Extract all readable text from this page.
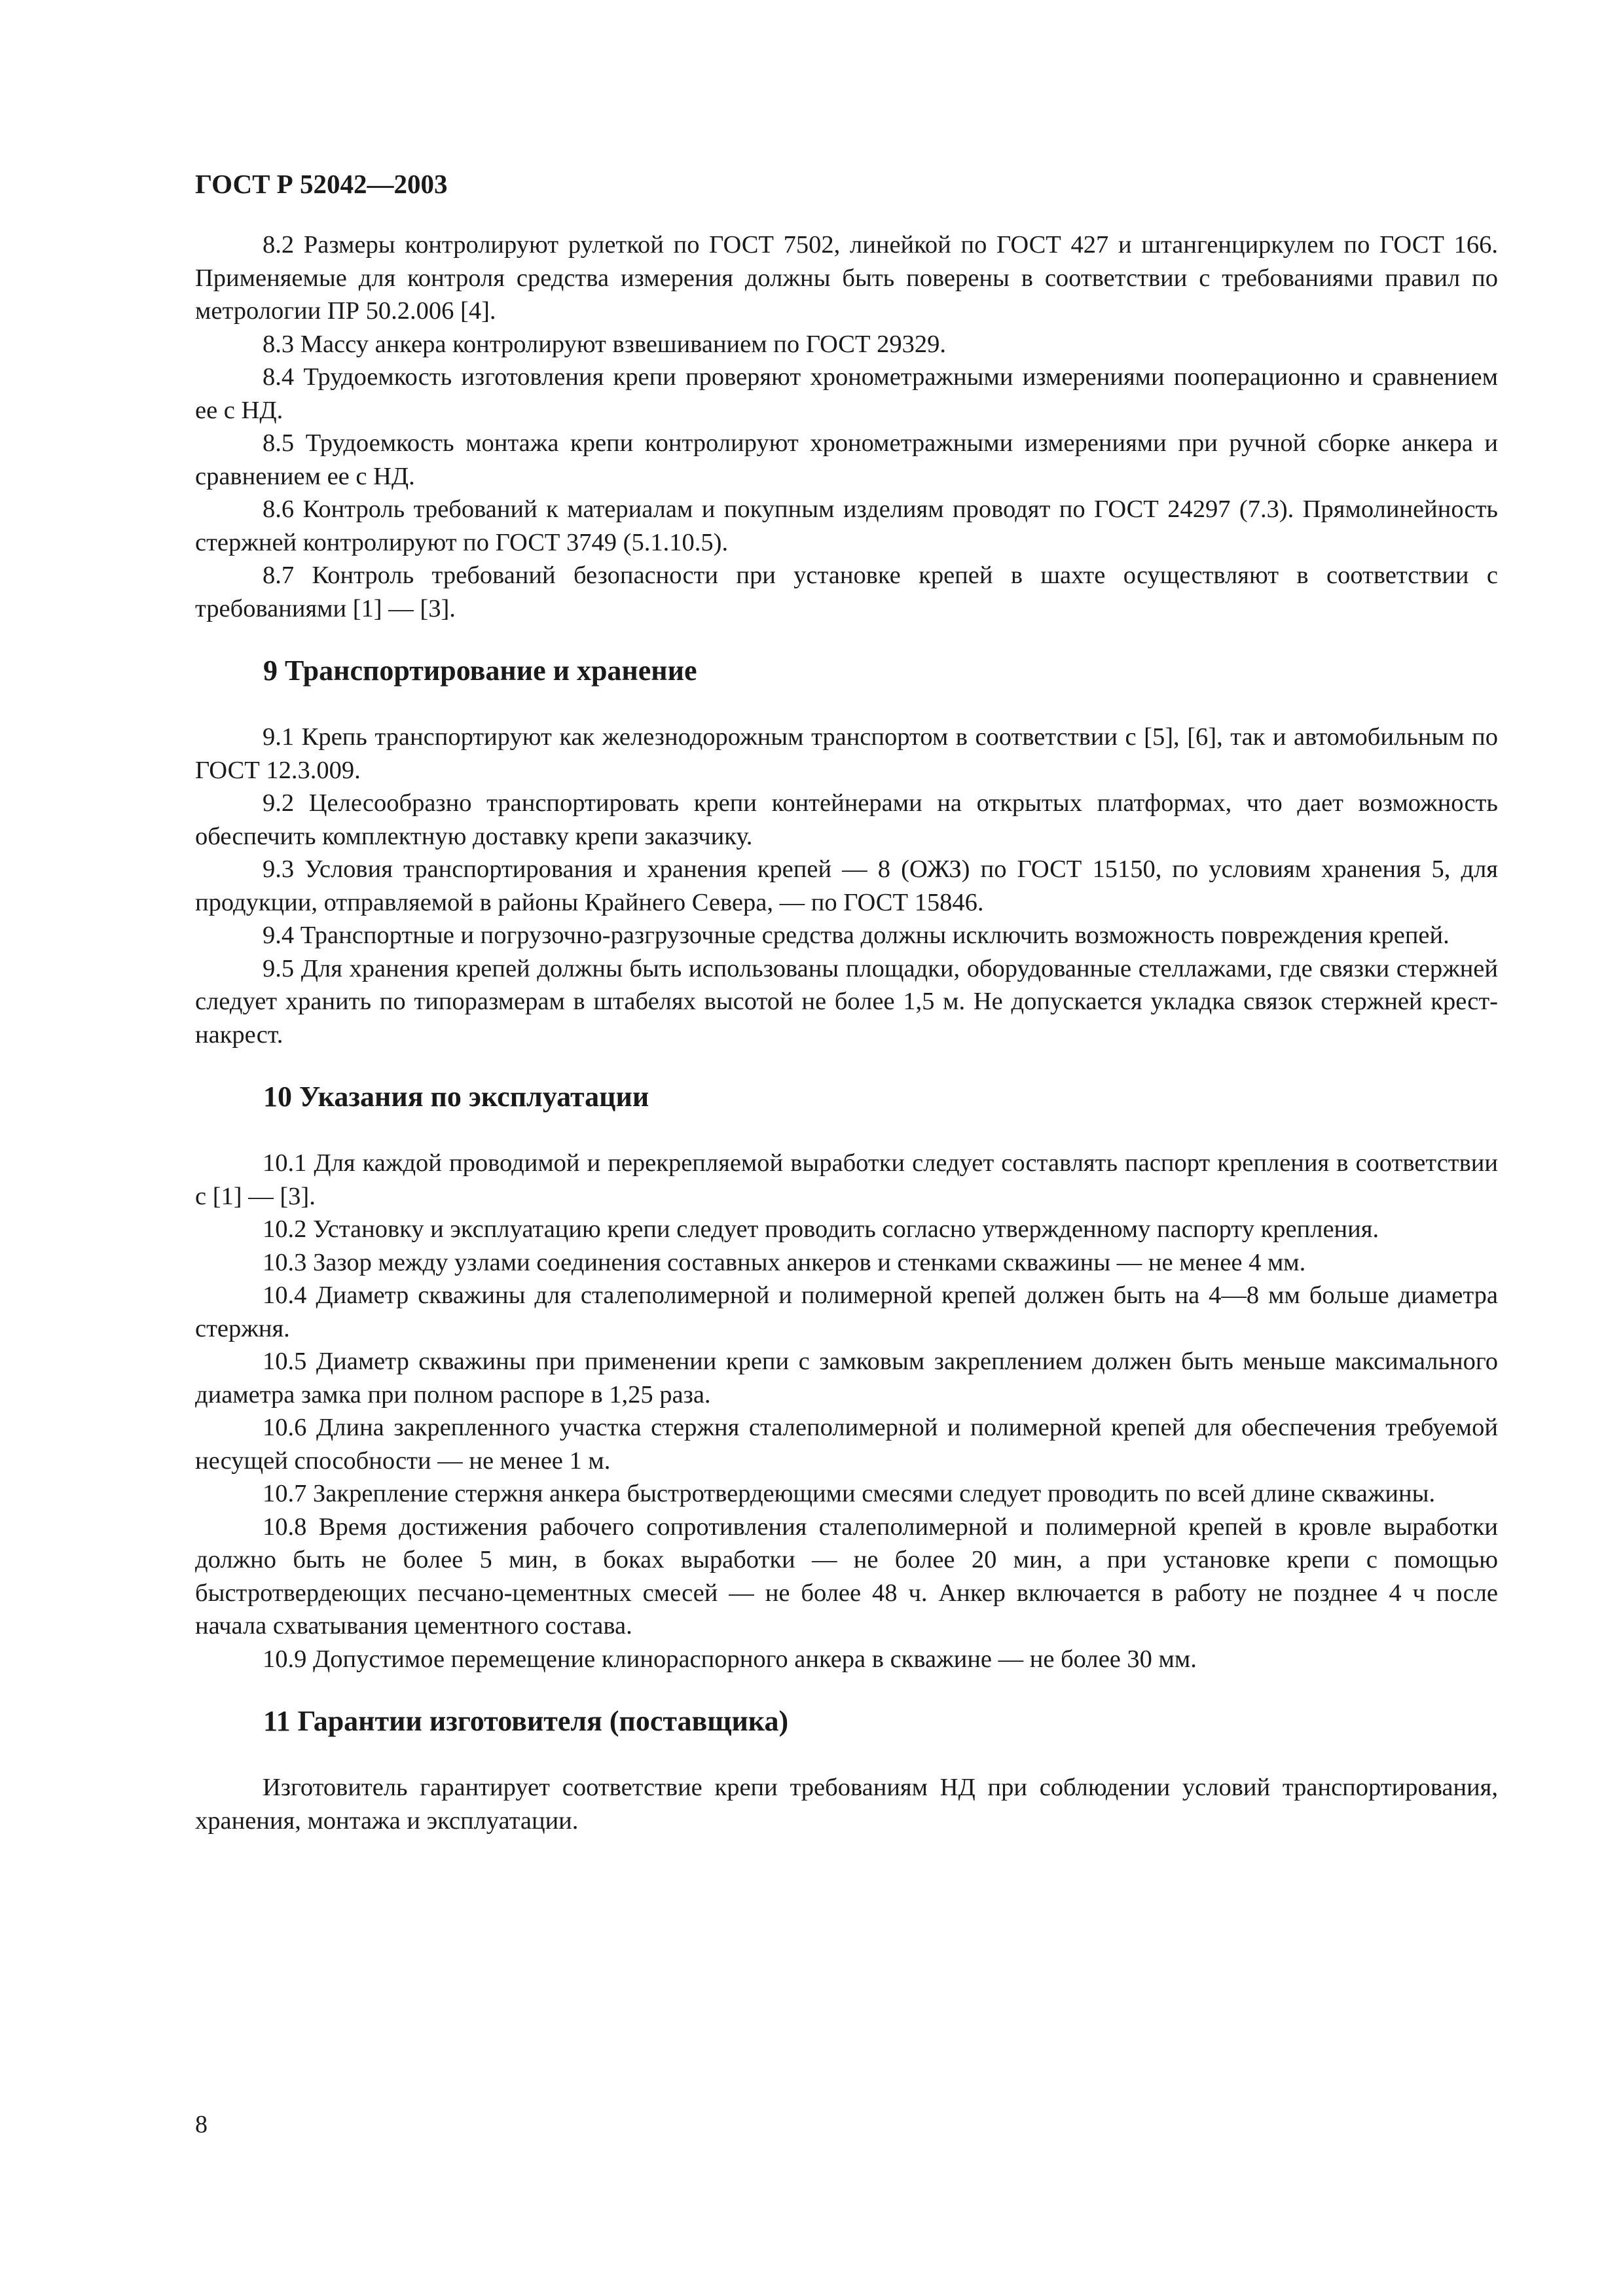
ГОСТ Р 52042—2003

8.2 Размеры контролируют рулеткой по ГОСТ 7502, линейкой по ГОСТ 427 и штангенциркулем по ГОСТ 166. Применяемые для контроля средства измерения должны быть поверены в соответствии с требованиями правил по метрологии ПР 50.2.006 [4].

8.3 Массу анкера контролируют взвешиванием по ГОСТ 29329.

8.4 Трудоемкость изготовления крепи проверяют хронометражными измерениями пооперационно и сравнением ее с НД.

8.5 Трудоемкость монтажа крепи контролируют хронометражными измерениями при ручной сборке анкера и сравнением ее с НД.

8.6 Контроль требований к материалам и покупным изделиям проводят по ГОСТ 24297 (7.3). Прямолинейность стержней контролируют по ГОСТ 3749 (5.1.10.5).

8.7 Контроль требований безопасности при установке крепей в шахте осуществляют в соответствии с требованиями [1] — [3].

9 Транспортирование и хранение

9.1 Крепь транспортируют как железнодорожным транспортом в соответствии с [5], [6], так и автомобильным по ГОСТ 12.3.009.

9.2 Целесообразно транспортировать крепи контейнерами на открытых платформах, что дает возможность обеспечить комплектную доставку крепи заказчику.

9.3 Условия транспортирования и хранения крепей — 8 (ОЖЗ) по ГОСТ 15150, по условиям хранения 5, для продукции, отправляемой в районы Крайнего Севера, — по ГОСТ 15846.

9.4 Транспортные и погрузочно-разгрузочные средства должны исключить возможность повреждения крепей.

9.5 Для хранения крепей должны быть использованы площадки, оборудованные стеллажами, где связки стержней следует хранить по типоразмерам в штабелях высотой не более 1,5 м. Не допускается укладка связок стержней крест-накрест.

10 Указания по эксплуатации

10.1 Для каждой проводимой и перекрепляемой выработки следует составлять паспорт крепления в соответствии с [1] — [3].

10.2 Установку и эксплуатацию крепи следует проводить согласно утвержденному паспорту крепления.

10.3 Зазор между узлами соединения составных анкеров и стенками скважины — не менее 4 мм.

10.4 Диаметр скважины для сталеполимерной и полимерной крепей должен быть на 4—8 мм больше диаметра стержня.

10.5 Диаметр скважины при применении крепи с замковым закреплением должен быть меньше максимального диаметра замка при полном распоре в 1,25 раза.

10.6 Длина закрепленного участка стержня сталеполимерной и полимерной крепей для обеспечения требуемой несущей способности — не менее 1 м.

10.7 Закрепление стержня анкера быстротвердеющими смесями следует проводить по всей длине скважины.

10.8 Время достижения рабочего сопротивления сталеполимерной и полимерной крепей в кровле выработки должно быть не более 5 мин, в боках выработки — не более 20 мин, а при установке крепи с помощью быстротвердеющих песчано-цементных смесей — не более 48 ч. Анкер включается в работу не позднее 4 ч после начала схватывания цементного состава.

10.9 Допустимое перемещение клинораспорного анкера в скважине — не более 30 мм.

11 Гарантии изготовителя (поставщика)

Изготовитель гарантирует соответствие крепи требованиям НД при соблюдении условий транспортирования, хранения, монтажа и эксплуатации.

8
